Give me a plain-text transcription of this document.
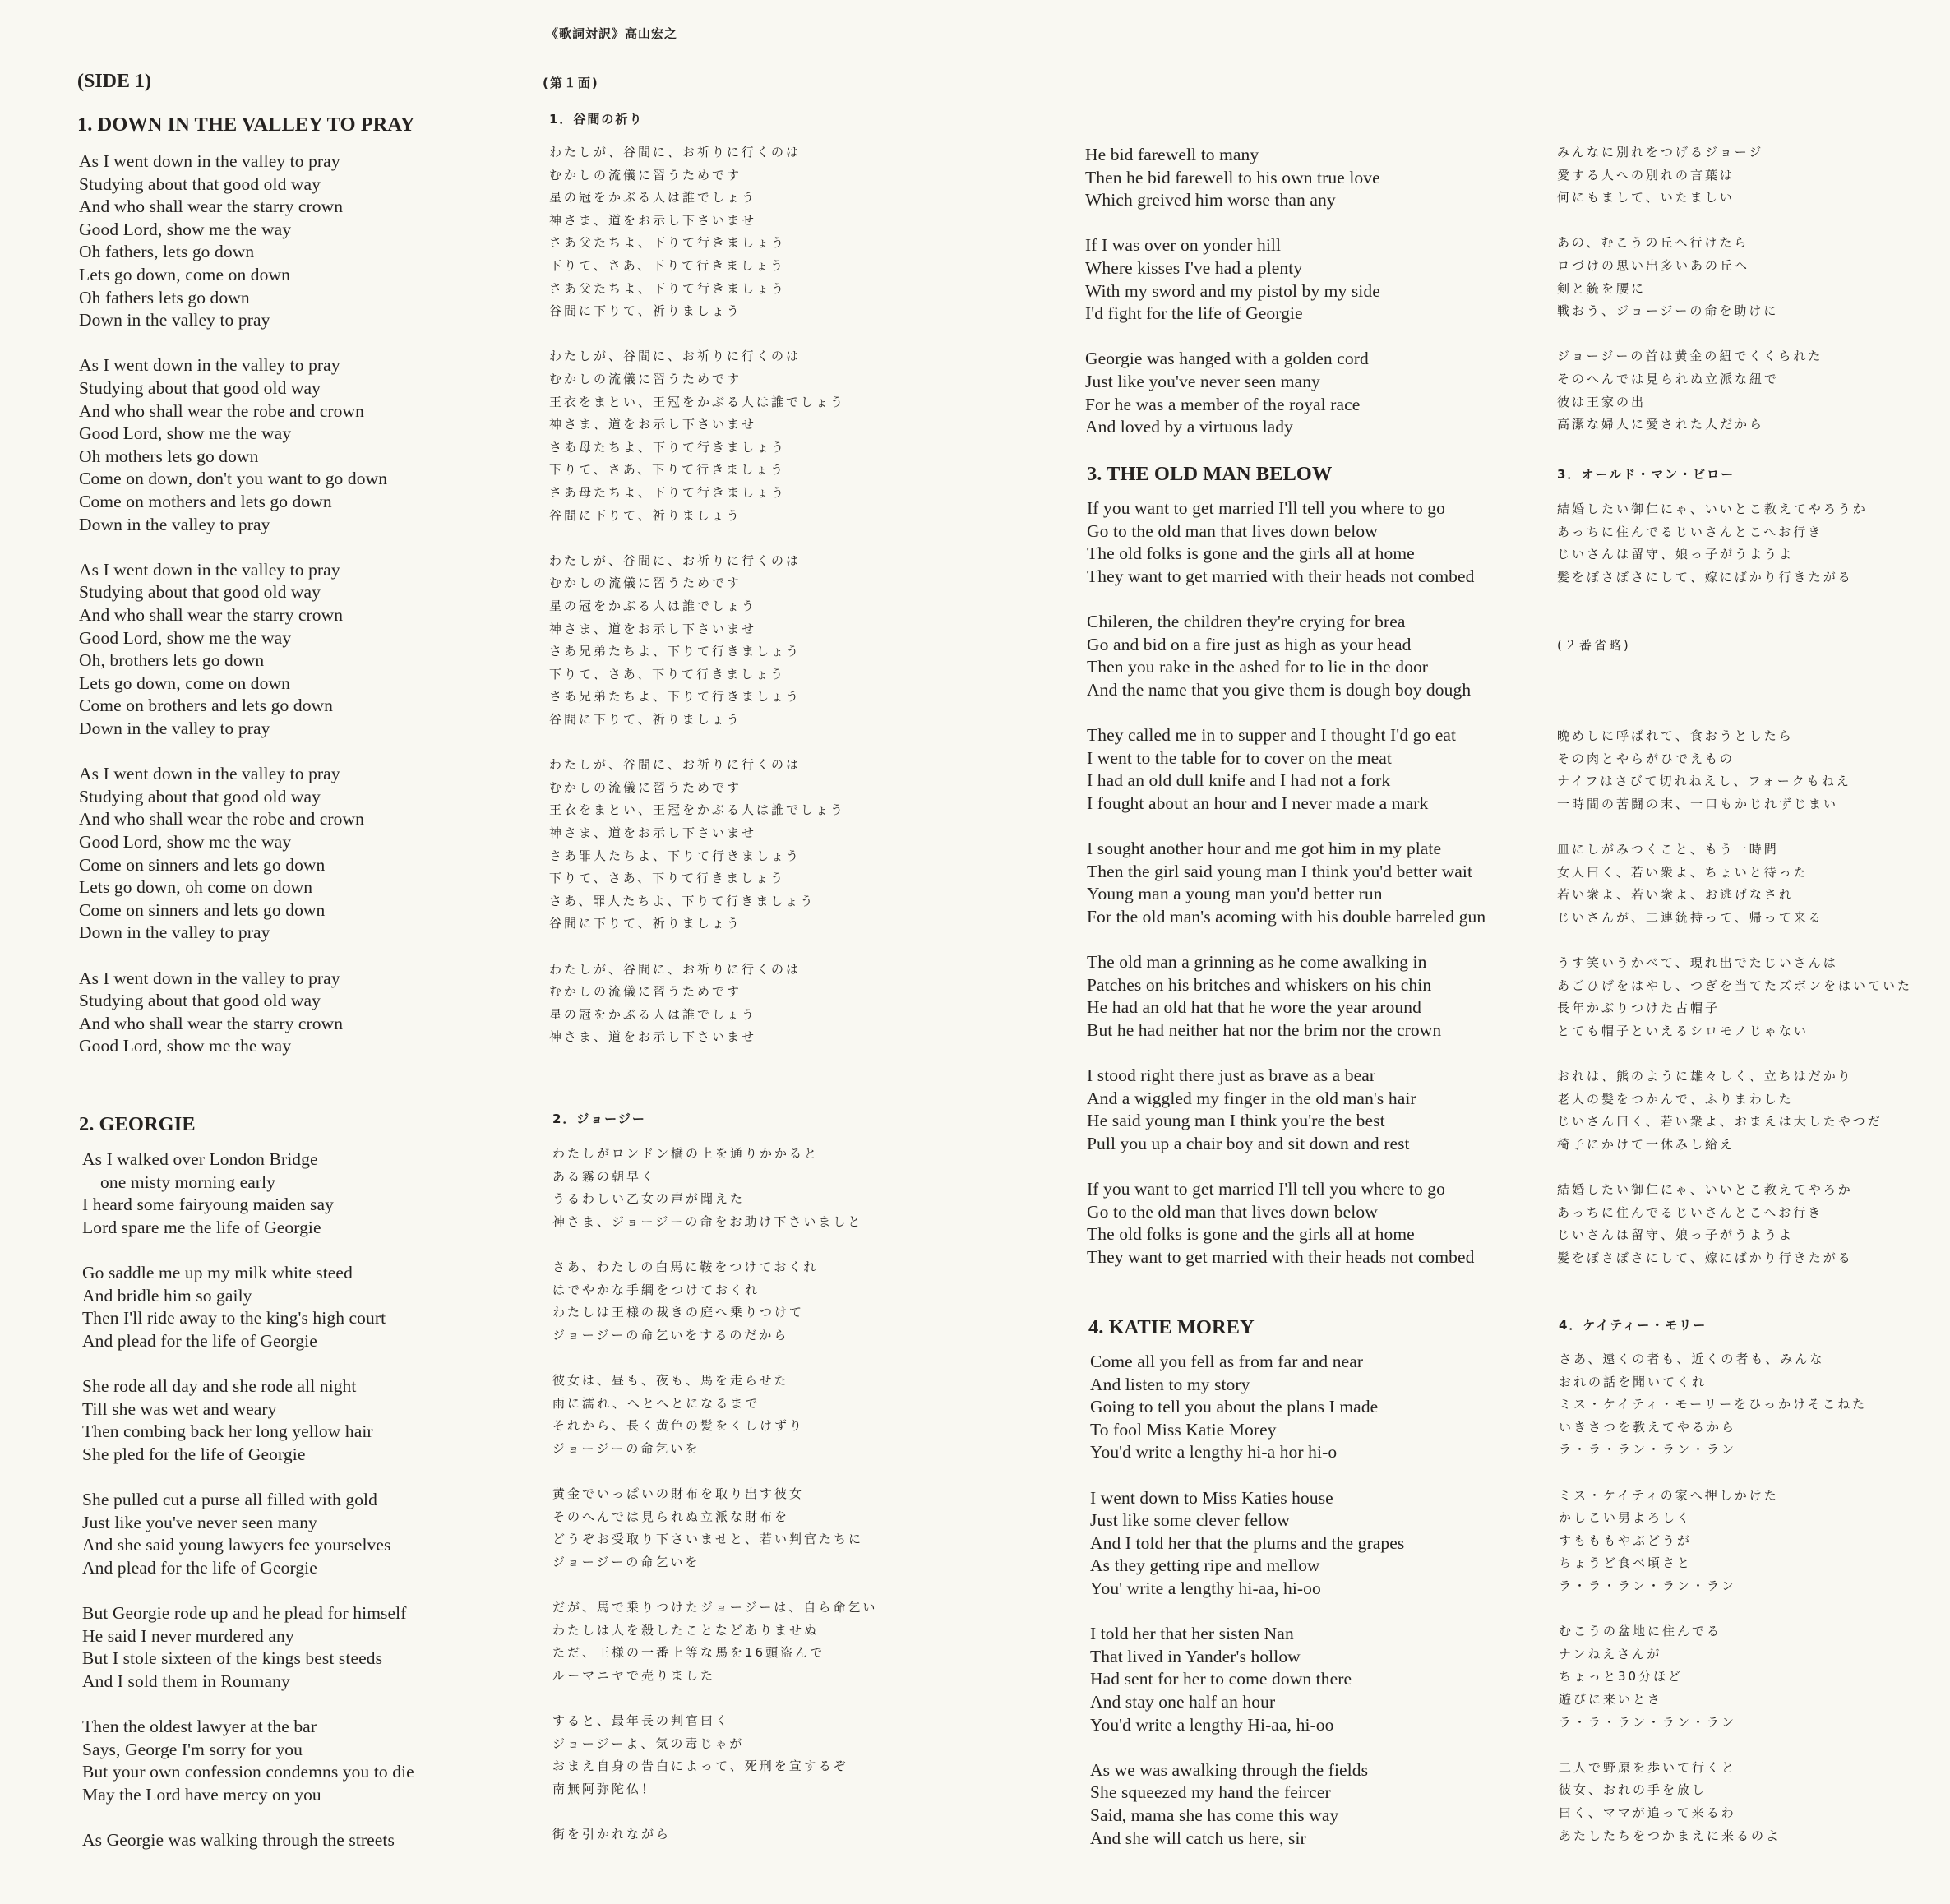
《歌詞対訳》高山宏之
(SIDE 1)	(第１面)
1. DOWN IN THE VALLEY TO PRAY
As I went down in the valley to pray
Studying about that good old way
And who shall wear the starry crown
Good Lord, show me the way
Oh fathers, lets go down
Lets go down, come on down
Oh fathers lets go down
Down in the valley to pray
As I went down in the valley to pray
Studying about that good old way
And who shall wear the robe and crown
Good Lord, show me the way
Oh mothers lets go down
Come on down, don't you want to go down
Come on mothers and lets go down
Down in the valley to pray
As I went down in the valley to pray
Studying about that good old way
And who shall wear the starry crown
Good Lord, show me the way
Oh, brothers lets go down
Lets go down, come on down
Come on brothers and lets go down
Down in the valley to pray
As I went down in the valley to pray
Studying about that good old way
And who shall wear the robe and crown
Good Lord, show me the way
Come on sinners and lets go down
Lets go down, oh come on down
Come on sinners and lets go down
Down in the valley to pray
As I went down in the valley to pray
Studying about that good old way
And who shall wear the starry crown
Good Lord, show me the way
2. GEORGIE
As I walked over London Bridge
one misty morning early
I heard some fairyoung maiden say
Lord spare me the life of Georgie
Go saddle me up my milk white steed
And bridle him so gaily
Then I'll ride away to the king's high court
And plead for the life of Georgie
She rode all day and she rode all night
Till she was wet and weary
Then combing back her long yellow hair
She pled for the life of Georgie
She pulled cut a purse all filled with gold
Just like you've never seen many
And she said young lawyers fee yourselves
And plead for the life of Georgie
But Georgie rode up and he plead for himself
He said I never murdered any
But I stole sixteen of the kings best steeds
And I sold them in Roumany
Then the oldest lawyer at the bar
Says, George I'm sorry for you
But your own confession condemns you to die
May the Lord have mercy on you
As Georgie was walking through the streets
1．谷間の祈り
わたしが、谷間に、お祈りに行くのは
むかしの流儀に習うためです
星の冠をかぶる人は誰でしょう
神さま、道をお示し下さいませ
さあ父たちよ、下りて行きましょう
下りて、さあ、下りて行きましょう
さあ父たちよ、下りて行きましょう
谷間に下りて、祈りましょう
わたしが、谷間に、お祈りに行くのは
むかしの流儀に習うためです
王衣をまとい、王冠をかぶる人は誰でしょう
神さま、道をお示し下さいませ
さあ母たちよ、下りて行きましょう
下りて、さあ、下りて行きましょう
さあ母たちよ、下りて行きましょう
谷間に下りて、祈りましょう
わたしが、谷間に、お祈りに行くのは
むかしの流儀に習うためです
星の冠をかぶる人は誰でしょう
神さま、道をお示し下さいませ
さあ兄弟たちよ、下りて行きましょう
下りて、さあ、下りて行きましょう
さあ兄弟たちよ、下りて行きましょう
谷間に下りて、祈りましょう
わたしが、谷間に、お祈りに行くのは
むかしの流儀に習うためです
王衣をまとい、王冠をかぶる人は誰でしょう
神さま、道をお示し下さいませ
さあ罪人たちよ、下りて行きましょう
下りて、さあ、下りて行きましょう
さあ、罪人たちよ、下りて行きましょう
谷間に下りて、祈りましょう
わたしが、谷間に、お祈りに行くのは
むかしの流儀に習うためです
星の冠をかぶる人は誰でしょう
神さま、道をお示し下さいませ
2．ジョージー
わたしがロンドン橋の上を通りかかると
ある霧の朝早く
うるわしい乙女の声が聞えた
神さま、ジョージーの命をお助け下さいましと
さあ、わたしの白馬に鞍をつけておくれ
はでやかな手綱をつけておくれ
わたしは王様の裁きの庭へ乗りつけて
ジョージーの命乞いをするのだから
彼女は、昼も、夜も、馬を走らせた
雨に濡れ、へとへとになるまで
それから、長く黄色の髪をくしけずり
ジョージーの命乞いを
黄金でいっぱいの財布を取り出す彼女
そのへんでは見られぬ立派な財布を
どうぞお受取り下さいませと、若い判官たちに
ジョージーの命乞いを
だが、馬で乗りつけたジョージーは、自ら命乞い
わたしは人を殺したことなどありませぬ
ただ、王様の一番上等な馬を16頭盗んで
ルーマニヤで売りました
すると、最年長の判官曰く
ジョージーよ、気の毒じゃが
おまえ自身の告白によって、死刑を宣するぞ
南無阿弥陀仏！
街を引かれながら
He bid farewell to many
Then he bid farewell to his own true love
Which greived him worse than any
If I was over on yonder hill
Where kisses I've had a plenty
With my sword and my pistol by my side
I'd fight for the life of Georgie
Georgie was hanged with a golden cord
Just like you've never seen many
For he was a member of the royal race
And loved by a virtuous lady
3. THE OLD MAN BELOW
If you want to get married I'll tell you where to go
Go to the old man that lives down below
The old folks is gone and the girls all at home
They want to get married with their heads not combed
Chileren, the children they're crying for brea
Go and bid on a fire just as high as your head
Then you rake in the ashed for to lie in the door
And the name that you give them is dough boy dough
They called me in to supper and I thought I'd go eat
I went to the table for to cover on the meat
I had an old dull knife and I had not a fork
I fought about an hour and I never made a mark
I sought another hour and me got him in my plate
Then the girl said young man I think you'd better wait
Young man a young man you'd better run
For the old man's acoming with his double barreled gun
The old man a grinning as he come awalking in
Patches on his britches and whiskers on his chin
He had an old hat that he wore the year around
But he had neither hat nor the brim nor the crown
I stood right there just as brave as a bear
And a wiggled my finger in the old man's hair
He said young man I think you're the best
Pull you up a chair boy and sit down and rest
If you want to get married I'll tell you where to go
Go to the old man that lives down below
The old folks is gone and the girls all at home
They want to get married with their heads not combed
4. KATIE MOREY
Come all you fell as from far and near
And listen to my story
Going to tell you about the plans I made
To fool Miss Katie Morey
You'd write a lengthy hi-a hor hi-o
I went down to Miss Katies house
Just like some clever fellow
And I told her that the plums and the grapes
As they getting ripe and mellow
You' write a lengthy hi-aa, hi-oo
I told her that her sisten Nan
That lived in Yander's hollow
Had sent for her to come down there
And stay one half an hour
You'd write a lengthy Hi-aa, hi-oo
As we was awalking through the fields
She squeezed my hand the feircer
Said, mama she has come this way
And she will catch us here, sir
みんなに別れをつげるジョージ
愛する人への別れの言葉は
何にもまして、いたましい
あの、むこうの丘へ行けたら
ロづけの思い出多いあの丘へ
剣と銃を腰に
戦おう、ジョージーの命を助けに
ジョージーの首は黄金の紐でくくられた
そのへんでは見られぬ立派な紐で
彼は王家の出
高潔な婦人に愛された人だから
3．オールド・マン・ビロー
結婚したい御仁にゃ、いいとこ教えてやろうか
あっちに住んでるじいさんとこへお行き
じいさんは留守、娘っ子がうようよ
髪をぼさぼさにして、嫁にばかり行きたがる
(２番省略)
晩めしに呼ばれて、食おうとしたら
その肉とやらがひでえもの
ナイフはさびて切れねえし、フォークもねえ
一時間の苦闘の末、一口もかじれずじまい
皿にしがみつくこと、もう一時間
女人曰く、若い衆よ、ちょいと待った
若い衆よ、若い衆よ、お逃げなされ
じいさんが、二連銃持って、帰って来る
うす笑いうかべて、現れ出でたじいさんは
あごひげをはやし、つぎを当てたズボンをはいていた
長年かぶりつけた古帽子
とても帽子といえるシロモノじゃない
おれは、熊のように雄々しく、立ちはだかり
老人の髪をつかんで、ふりまわした
じいさん曰く、若い衆よ、おまえは大したやつだ
椅子にかけて一休みし給え
結婚したい御仁にゃ、いいとこ教えてやろか
あっちに住んでるじいさんとこへお行き
じいさんは留守、娘っ子がうようよ
髪をぼさぼさにして、嫁にばかり行きたがる
4．ケイティー・モリー
さあ、遠くの者も、近くの者も、みんな
おれの話を聞いてくれ
ミス・ケイティ・モーリーをひっかけそこねた
いきさつを教えてやるから
ラ・ラ・ラン・ラン・ラン
ミス・ケイティの家へ押しかけた
かしこい男よろしく
すもももやぶどうが
ちょうど食べ頃さと
ラ・ラ・ラン・ラン・ラン
むこうの盆地に住んでる
ナンねえさんが
ちょっと30分ほど
遊びに来いとさ
ラ・ラ・ラン・ラン・ラン
二人で野原を歩いて行くと
彼女、おれの手を放し
曰く、ママが追って来るわ
あたしたちをつかまえに来るのよ
